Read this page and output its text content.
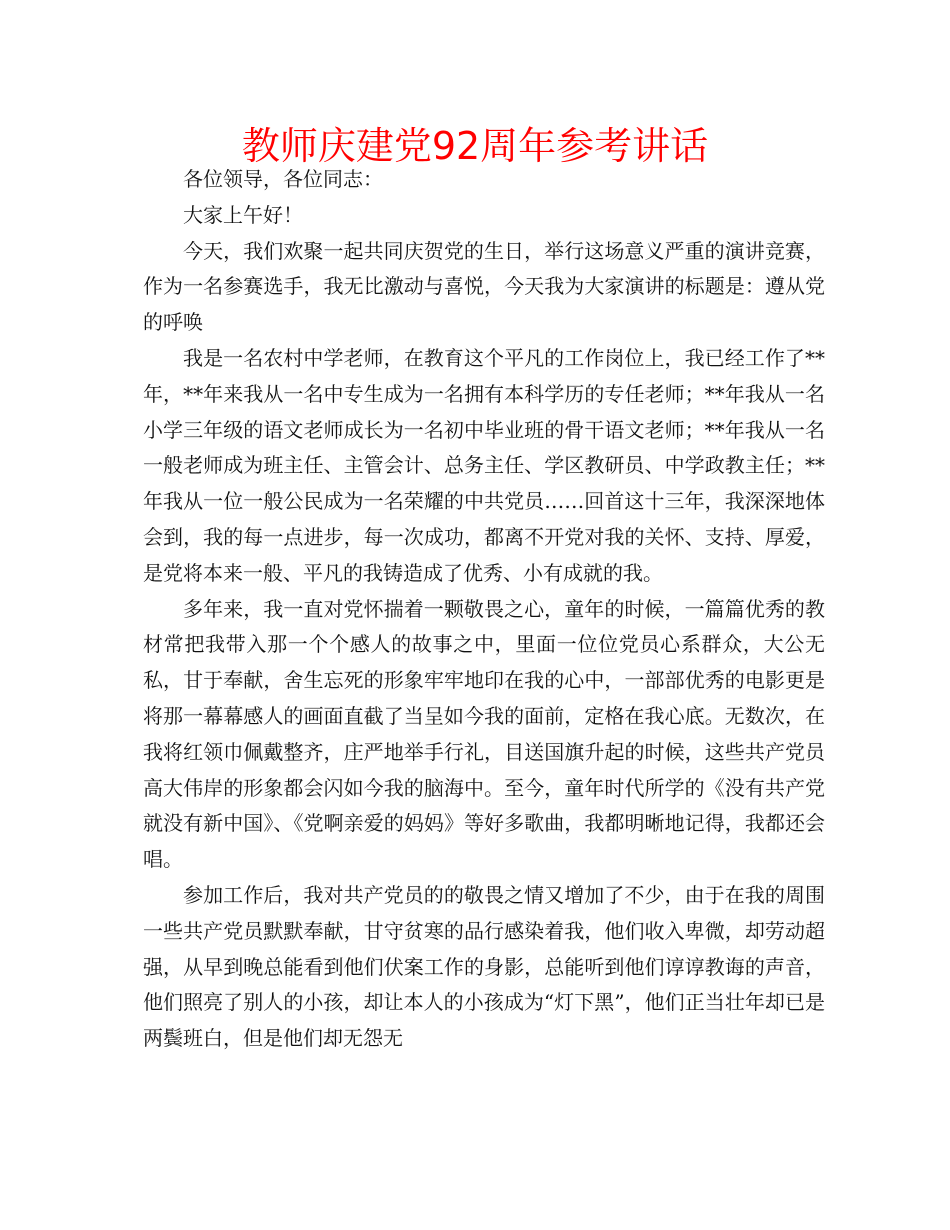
教师庆建党92周年参考讲话

各位领导，各位同志：

大家上午好！

今天，我们欢聚一起共同庆贺党的生日，举行这场意义严重的演讲竞赛，作为一名参赛选手，我无比激动与喜悦，今天我为大家演讲的标题是：遵从党的呼唤

我是一名农村中学老师，在教育这个平凡的工作岗位上，我已经工作了**年，**年来我从一名中专生成为一名拥有本科学历的专任老师；**年我从一名小学三年级的语文老师成长为一名初中毕业班的骨干语文老师；**年我从一名一般老师成为班主任、主管会计、总务主任、学区教研员、中学政教主任；**年我从一位一般公民成为一名荣耀的中共党员……回首这十三年，我深深地体会到，我的每一点进步，每一次成功，都离不开党对我的关怀、支持、厚爱，是党将本来一般、平凡的我铸造成了优秀、小有成就的我。

多年来，我一直对党怀揣着一颗敬畏之心，童年的时候，一篇篇优秀的教材常把我带入那一个个感人的故事之中，里面一位位党员心系群众，大公无私，甘于奉献，舍生忘死的形象牢牢地印在我的心中，一部部优秀的电影更是将那一幕幕感人的画面直截了当呈如今我的面前，定格在我心底。无数次，在我将红领巾佩戴整齐，庄严地举手行礼，目送国旗升起的时候，这些共产党员高大伟岸的形象都会闪如今我的脑海中。至今，童年时代所学的《没有共产党就没有新中国》、《党啊亲爱的妈妈》等好多歌曲，我都明晰地记得，我都还会唱。

参加工作后，我对共产党员的的敬畏之情又增加了不少，由于在我的周围一些共产党员默默奉献，甘守贫寒的品行感染着我，他们收入卑微，却劳动超强，从早到晚总能看到他们伏案工作的身影，总能听到他们谆谆教诲的声音，他们照亮了别人的小孩，却让本人的小孩成为“灯下黑”，他们正当壮年却已是两鬓班白，但是他们却无怨无
